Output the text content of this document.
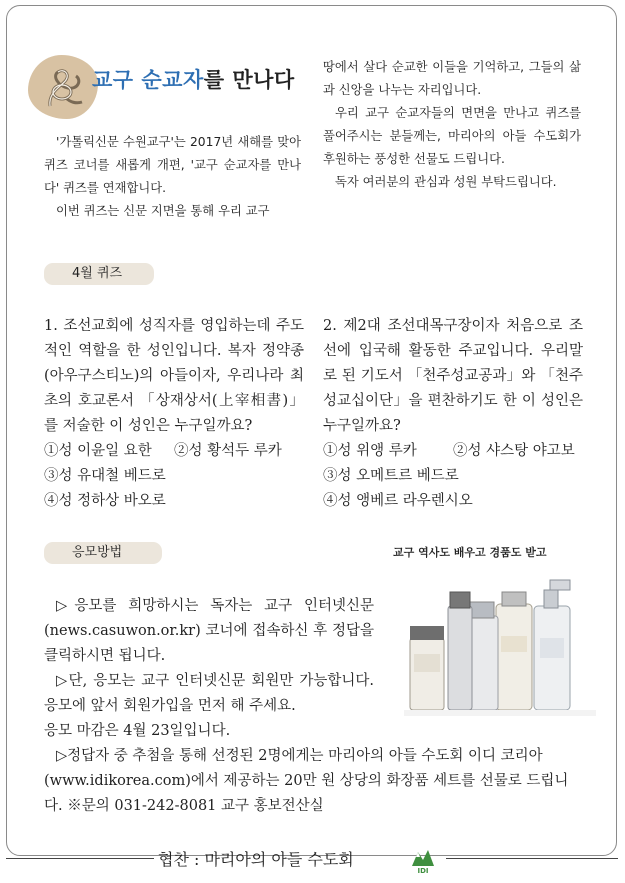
교구 순교자를 만나다

'가톨릭신문 수원교구'는 2017년 새해를 맞아 퀴즈 코너를 새롭게 개편, '교구 순교자를 만나다' 퀴즈를 연재합니다.

이번 퀴즈는 신문 지면을 통해 우리 교구

땅에서 살다 순교한 이들을 기억하고, 그들의 삶과 신앙을 나누는 자리입니다.

우리 교구 순교자들의 면면을 만나고 퀴즈를 풀어주시는 분들께는, 마리아의 아들 수도회가 후원하는 풍성한 선물도 드립니다.

독자 여러분의 관심과 성원 부탁드립니다.

4월 퀴즈

1. 조선교회에 성직자를 영입하는데 주도적인 역할을 한 성인입니다. 복자 정약종(아우구스티노)의 아들이자, 우리나라 최초의 호교론서 「상재상서(上宰相書)」를 저술한 이 성인은 누구일까요?

①성 이윤일 요한	②성 황석두 루카
③성 유대철 베드로
④성 정하상 바오로

2. 제2대 조선대목구장이자 처음으로 조선에 입국해 활동한 주교입니다. 우리말로 된 기도서 「천주성교공과」와 「천주성교십이단」을 편찬하기도 한 이 성인은 누구일까요?

①성 위앵 루카	②성 샤스탕 야고보
③성 오메트르 베드로
④성 앵베르 라우렌시오
응모방법	교구 역사도 배우고 경품도 받고

▷응모를 희망하시는 독자는 교구 인터넷신문(news.casuwon.or.kr) 코너에 접속하신 후 정답을 클릭하시면 됩니다.

▷단, 응모는 교구 인터넷신문 회원만 가능합니다. 응모에 앞서 회원가입을 먼저 해 주세요.

응모 마감은 4월 23일입니다.

▷정답자 중 추첨을 통해 선정된 2명에게는 마리아의 아들 수도회 이디 코리아(www.idikorea.com)에서 제공하는 20만 원 상당의 화장품 세트를 선물로 드립니다. ※문의 031-242-8081 교구 홍보전산실

협찬 : 마리아의 아들 수도회
IDI
